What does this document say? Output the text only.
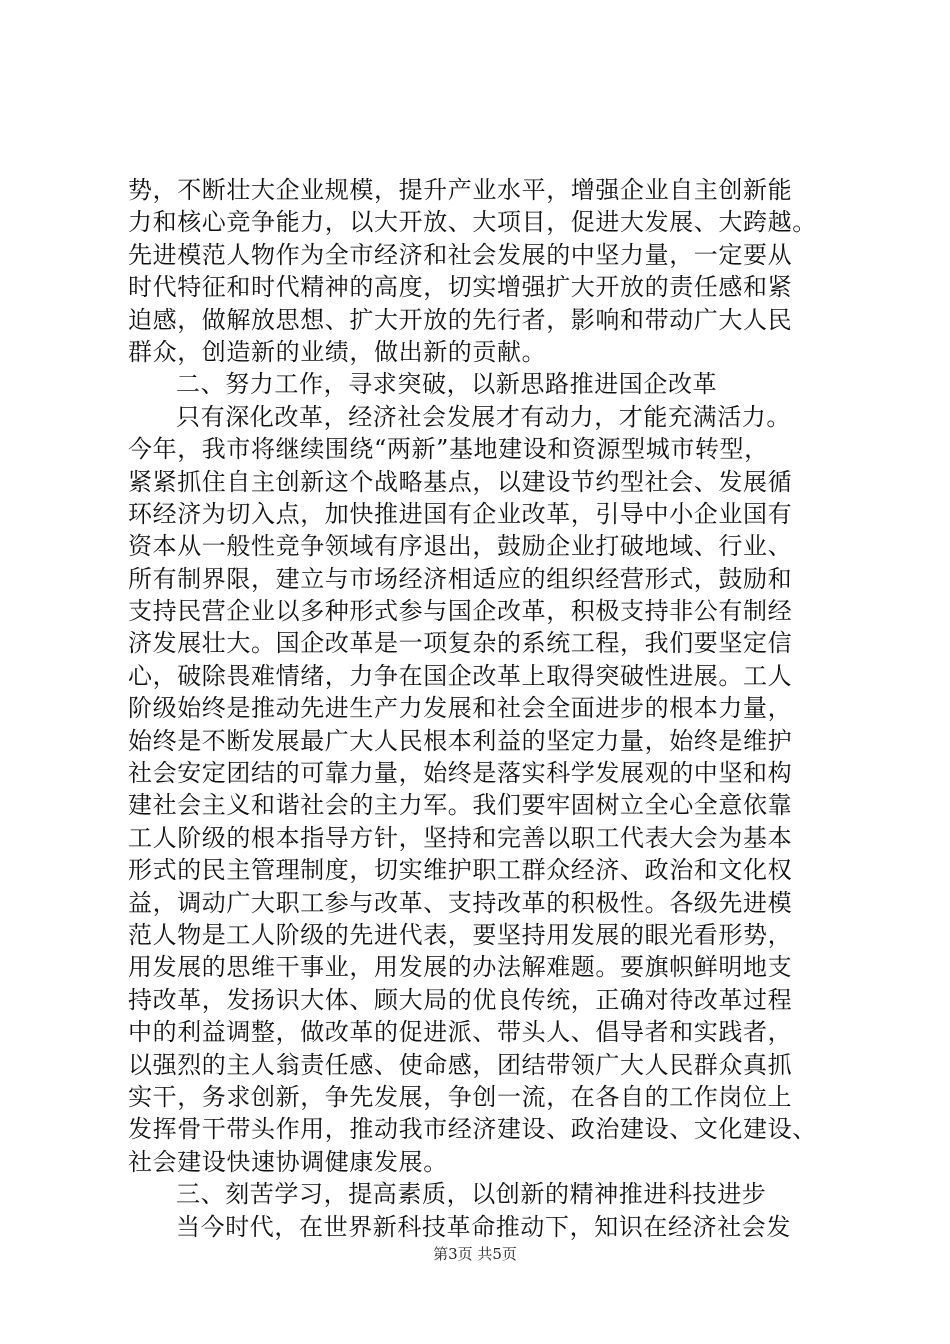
势，不断壮大企业规模，提升产业水平，增强企业自主创新能
力和核心竞争能力，以大开放、大项目，促进大发展、大跨越。
先进模范人物作为全市经济和社会发展的中坚力量，一定要从
时代特征和时代精神的高度，切实增强扩大开放的责任感和紧
迫感，做解放思想、扩大开放的先行者，影响和带动广大人民
群众，创造新的业绩，做出新的贡献。
二、努力工作，寻求突破，以新思路推进国企改革
只有深化改革，经济社会发展才有动力，才能充满活力。
今年，我市将继续围绕“两新”基地建设和资源型城市转型，
紧紧抓住自主创新这个战略基点，以建设节约型社会、发展循
环经济为切入点，加快推进国有企业改革，引导中小企业国有
资本从一般性竞争领域有序退出，鼓励企业打破地域、行业、
所有制界限，建立与市场经济相适应的组织经营形式，鼓励和
支持民营企业以多种形式参与国企改革，积极支持非公有制经
济发展壮大。国企改革是一项复杂的系统工程，我们要坚定信
心，破除畏难情绪，力争在国企改革上取得突破性进展。工人
阶级始终是推动先进生产力发展和社会全面进步的根本力量，
始终是不断发展最广大人民根本利益的坚定力量，始终是维护
社会安定团结的可靠力量，始终是落实科学发展观的中坚和构
建社会主义和谐社会的主力军。我们要牢固树立全心全意依靠
工人阶级的根本指导方针，坚持和完善以职工代表大会为基本
形式的民主管理制度，切实维护职工群众经济、政治和文化权
益，调动广大职工参与改革、支持改革的积极性。各级先进模
范人物是工人阶级的先进代表，要坚持用发展的眼光看形势，
用发展的思维干事业，用发展的办法解难题。要旗帜鲜明地支
持改革，发扬识大体、顾大局的优良传统，正确对待改革过程
中的利益调整，做改革的促进派、带头人、倡导者和实践者，
以强烈的主人翁责任感、使命感，团结带领广大人民群众真抓
实干，务求创新，争先发展，争创一流，在各自的工作岗位上
发挥骨干带头作用，推动我市经济建设、政治建设、文化建设、
社会建设快速协调健康发展。
三、刻苦学习，提高素质，以创新的精神推进科技进步
当今时代，在世界新科技革命推动下，知识在经济社会发
第3页 共5页
